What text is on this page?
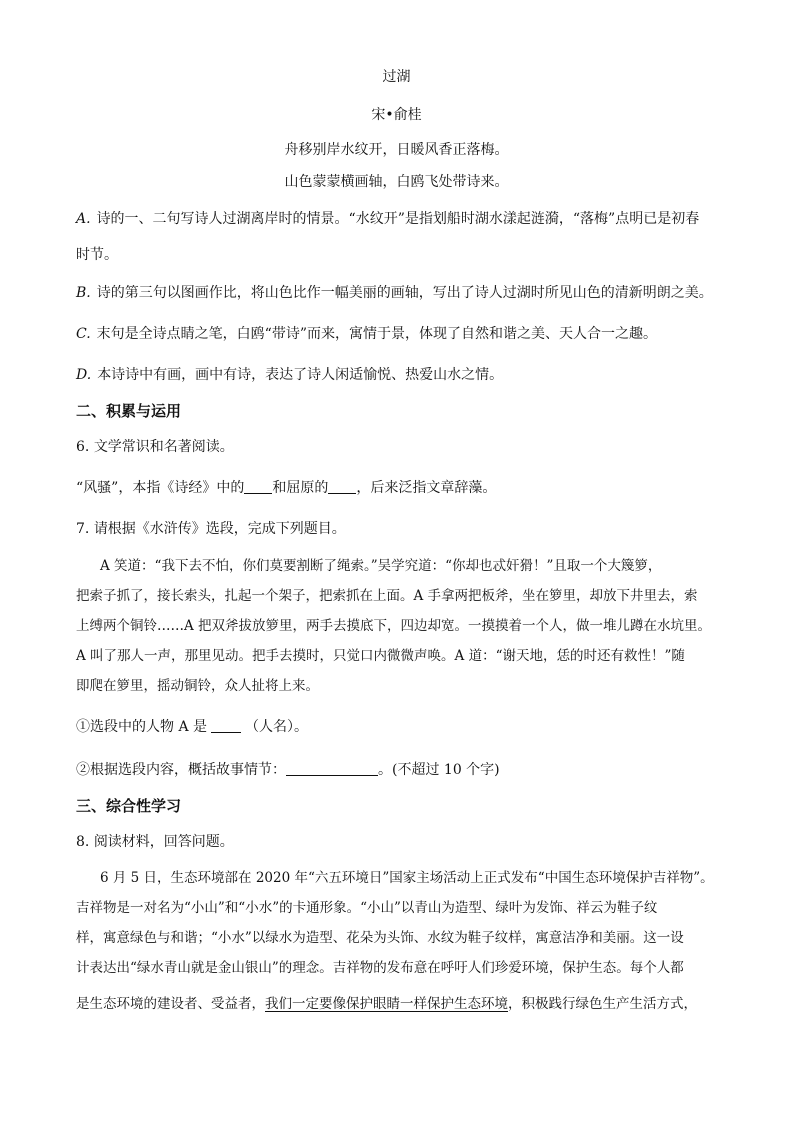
过湖
宋•俞桂
舟移别岸水纹开，日暖风香正落梅。
山色蒙蒙横画轴，白鸥飞处带诗来。
A. 诗的一、二句写诗人过湖离岸时的情景。“水纹开”是指划船时湖水漾起涟漪，“落梅”点明已是初春
时节。
B. 诗的第三句以图画作比，将山色比作一幅美丽的画轴，写出了诗人过湖时所见山色的清新明朗之美。
C. 末句是全诗点睛之笔，白鸥“带诗”而来，寓情于景，体现了自然和谐之美、天人合一之趣。
D. 本诗诗中有画，画中有诗，表达了诗人闲适愉悦、热爱山水之情。
二、积累与运用
6. 文学常识和名著阅读。
“风骚”，本指《诗经》中的 和屈原的 ，后来泛指文章辞藻。
7. 请根据《水浒传》选段，完成下列题目。
A 笑道：“我下去不怕，你们莫要割断了绳索。”吴学究道：“你却也忒奸猾！”且取一个大篾箩，
把索子抓了，接长索头，扎起一个架子，把索抓在上面。A 手拿两把板斧，坐在箩里，却放下井里去，索
上缚两个铜铃……A 把双斧拔放箩里，两手去摸底下，四边却宽。一摸摸着一个人，做一堆儿蹲在水坑里。
A 叫了那人一声，那里见动。把手去摸时，只觉口内微微声唤。A 道：“谢天地，恁的时还有救性！”随
即爬在箩里，摇动铜铃，众人扯将上来。
①选段中的人物 A 是	（人名）。
②根据选段内容，概括故事情节：	。(不超过 10 个字)
三、综合性学习
8. 阅读材料，回答问题。
6 月 5 日，生态环境部在 2020 年“六五环境日”国家主场活动上正式发布“中国生态环境保护吉祥物”。
吉祥物是一对名为“小山”和“小水”的卡通形象。“小山”以青山为造型、绿叶为发饰、祥云为鞋子纹
样，寓意绿色与和谐；“小水”以绿水为造型、花朵为头饰、水纹为鞋子纹样，寓意洁净和美丽。这一设
计表达出“绿水青山就是金山银山”的理念。吉祥物的发布意在呼吁人们珍爱环境，保护生态。每个人都
是生态环境的建设者、受益者，我们一定要像保护眼睛一样保护生态环境，积极践行绿色生产生活方式，
